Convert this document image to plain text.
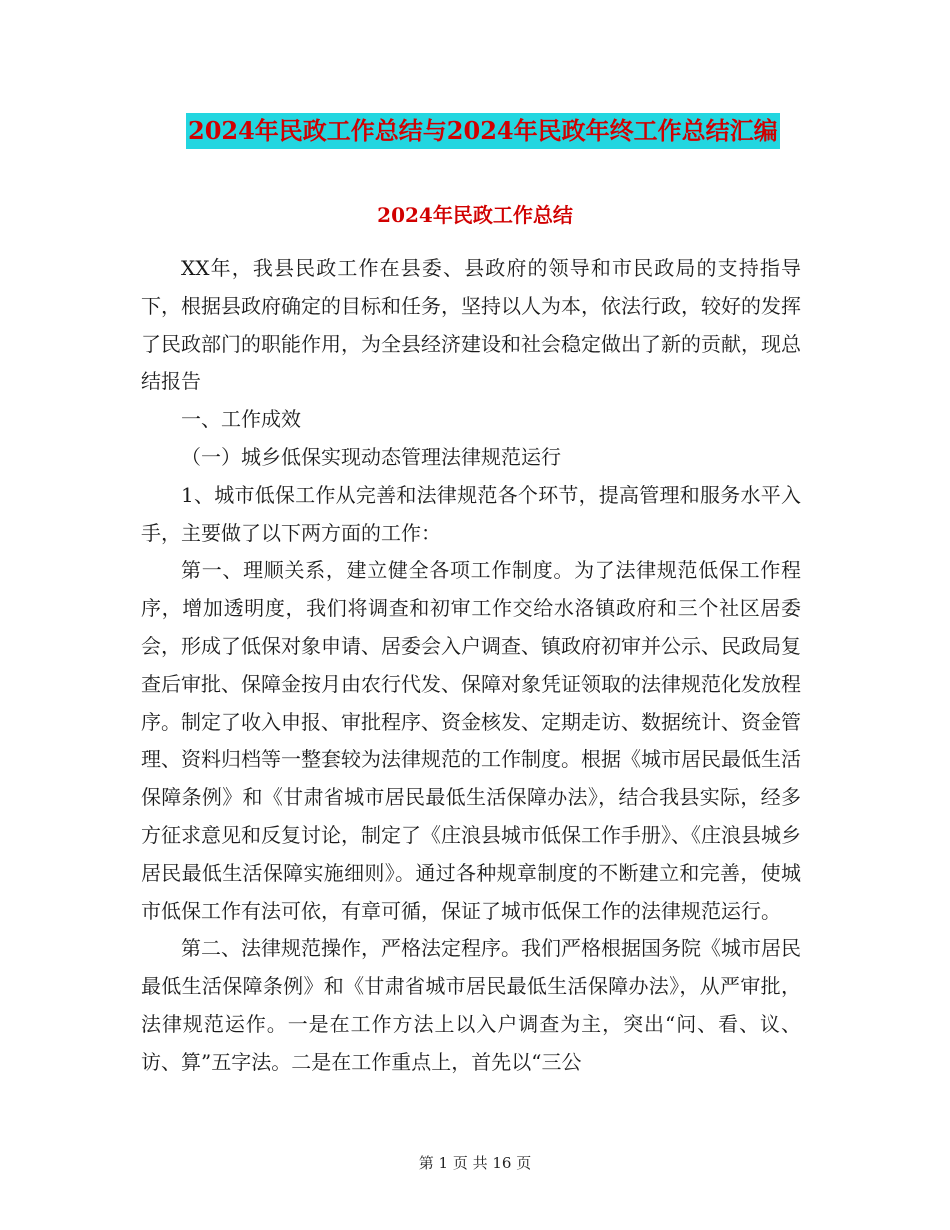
2024年民政工作总结与2024年民政年终工作总结汇编
2024年民政工作总结

XX年，我县民政工作在县委、县政府的领导和市民政局的支持指导下，根据县政府确定的目标和任务，坚持以人为本，依法行政，较好的发挥了民政部门的职能作用，为全县经济建设和社会稳定做出了新的贡献，现总结报告

一、工作成效

（一）城乡低保实现动态管理法律规范运行

1、城市低保工作从完善和法律规范各个环节，提高管理和服务水平入手，主要做了以下两方面的工作：

第一、理顺关系，建立健全各项工作制度。为了法律规范低保工作程序，增加透明度，我们将调查和初审工作交给水洛镇政府和三个社区居委会，形成了低保对象申请、居委会入户调查、镇政府初审并公示、民政局复查后审批、保障金按月由农行代发、保障对象凭证领取的法律规范化发放程序。制定了收入申报、审批程序、资金核发、定期走访、数据统计、资金管理、资料归档等一整套较为法律规范的工作制度。根据《城市居民最低生活保障条例》和《甘肃省城市居民最低生活保障办法》，结合我县实际，经多方征求意见和反复讨论，制定了《庄浪县城市低保工作手册》、《庄浪县城乡居民最低生活保障实施细则》。通过各种规章制度的不断建立和完善，使城市低保工作有法可依，有章可循，保证了城市低保工作的法律规范运行。

第二、法律规范操作，严格法定程序。我们严格根据国务院《城市居民最低生活保障条例》和《甘肃省城市居民最低生活保障办法》，从严审批，法律规范运作。一是在工作方法上以入户调查为主，突出“问、看、议、访、算”五字法。二是在工作重点上，首先以“三公

第 1 页 共 16 页
